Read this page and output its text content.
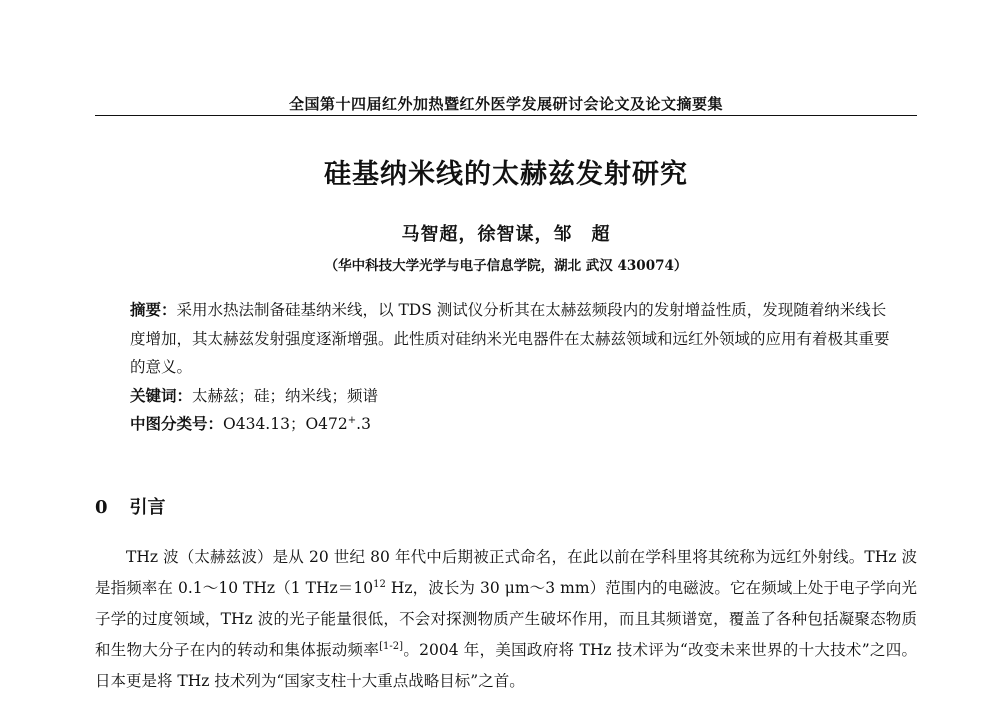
全国第十四届红外加热暨红外医学发展研讨会论文及论文摘要集
硅基纳米线的太赫兹发射研究
马智超，徐智谋，邹　超
（华中科技大学光学与电子信息学院，湖北 武汉 430074）

摘要：采用水热法制备硅基纳米线，以 TDS 测试仪分析其在太赫兹频段内的发射增益性质，发现随着纳米线长度增加，其太赫兹发射强度逐渐增强。此性质对硅纳米光电器件在太赫兹领域和远红外领域的应用有着极其重要的意义。

关键词：太赫兹；硅；纳米线；频谱

中图分类号：O434.13；O472+.3

0 引言

THz 波（太赫兹波）是从 20 世纪 80 年代中后期被正式命名，在此以前在学科里将其统称为远红外射线。THz 波是指频率在 0.1～10 THz（1 $THz=10^{12}$ Hz，波长为 30 μm～3 mm）范围内的电磁波。它在频域上处于电子学向光子学的过度领域，THz 波的光子能量很低，不会对探测物质产生破坏作用，而且其频谱宽，覆盖了各种包括凝聚态物质和生物大分子在内的转动和集体振动频率[1-2]。2004 年，美国政府将 THz 技术评为“改变未来世界的十大技术”之四。日本更是将 THz 技术列为“国家支柱十大重点战略目标”之首。
